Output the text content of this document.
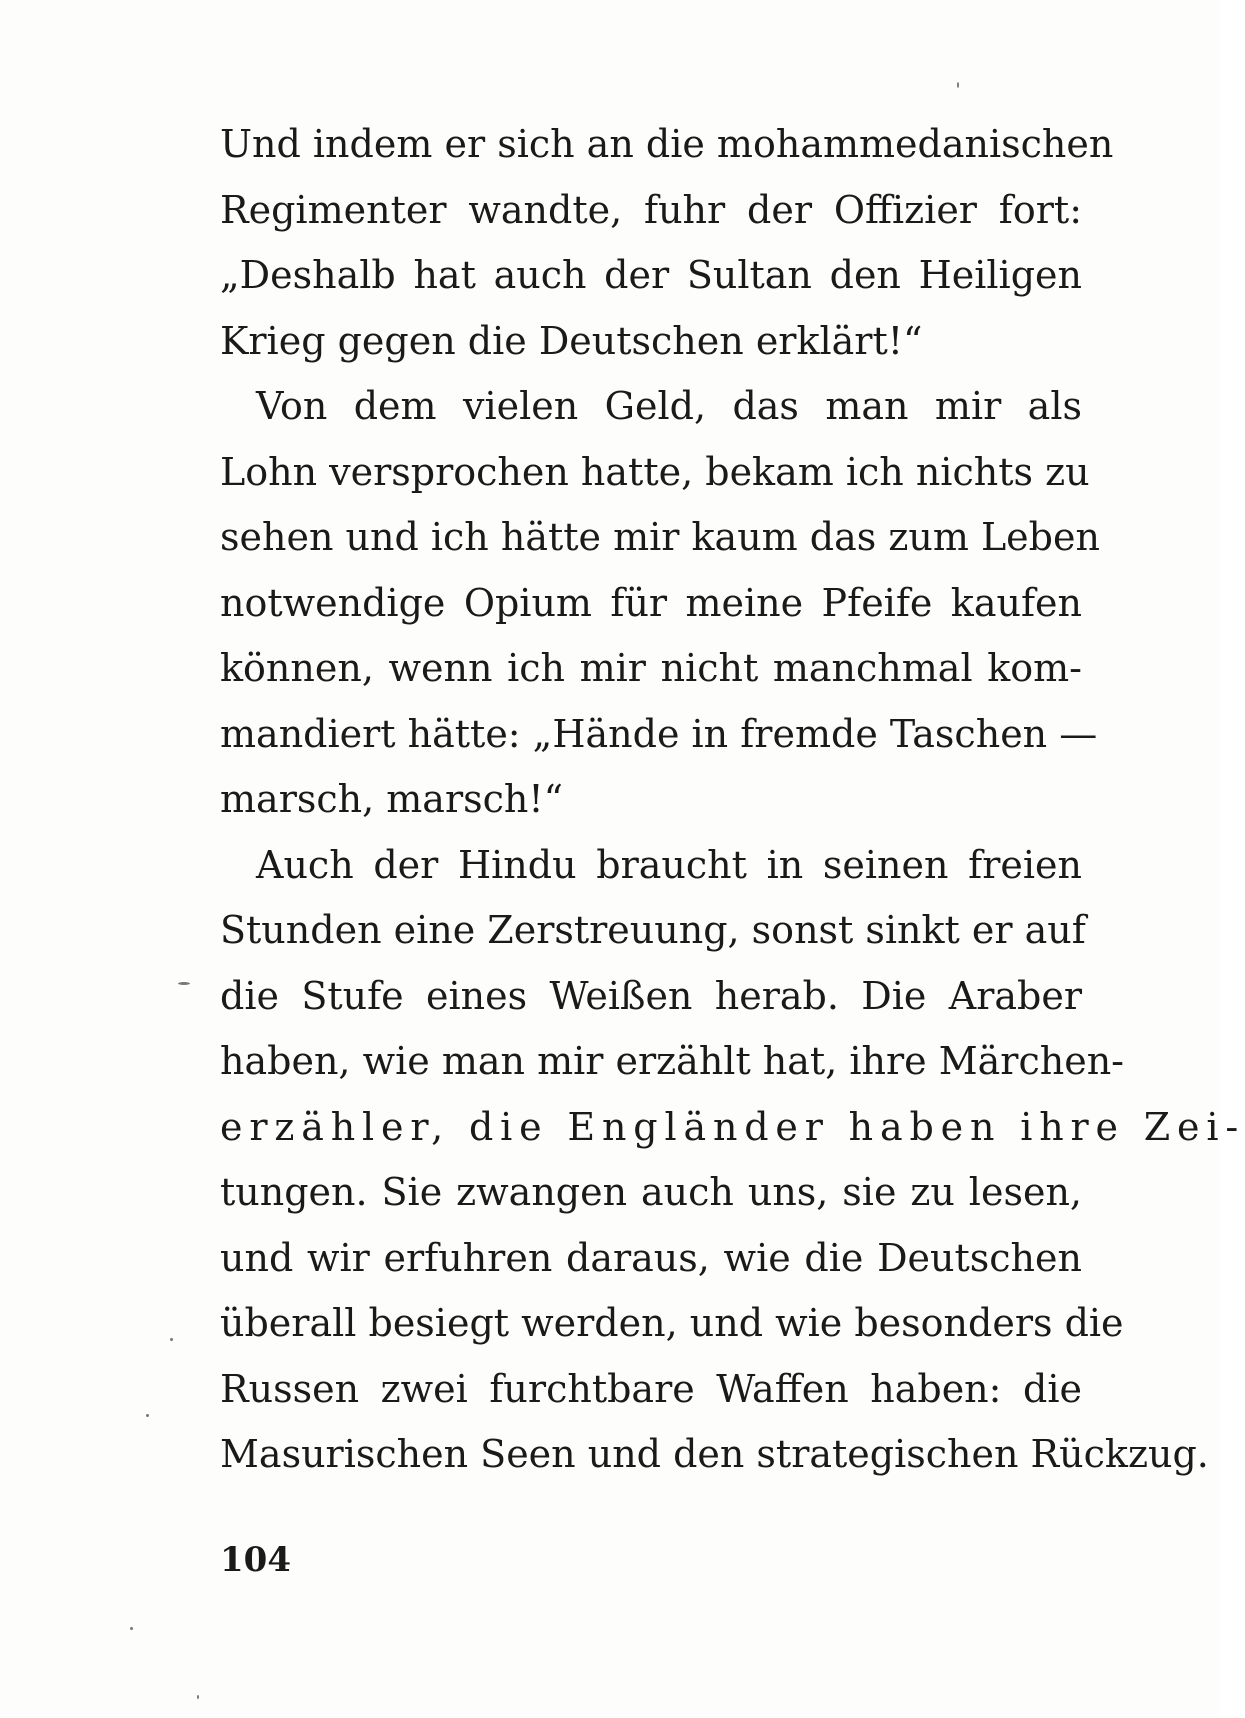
Und indem er sich an die mohammedanischen
Regimenter wandte, fuhr der Offizier fort:
„Deshalb hat auch der Sultan den Heiligen
Krieg gegen die Deutschen erklärt!“
Von dem vielen Geld, das man mir als
Lohn versprochen hatte, bekam ich nichts zu
sehen und ich hätte mir kaum das zum Leben
notwendige Opium für meine Pfeife kaufen
können, wenn ich mir nicht manchmal kom-
mandiert hätte: „Hände in fremde Taschen —
marsch, marsch!“
Auch der Hindu braucht in seinen freien
Stunden eine Zerstreuung, sonst sinkt er auf
die Stufe eines Weißen herab. Die Araber
haben, wie man mir erzählt hat, ihre Märchen-
erzähler, die Engländer haben ihre Zei-
tungen. Sie zwangen auch uns, sie zu lesen,
und wir erfuhren daraus, wie die Deutschen
überall besiegt werden, und wie besonders die
Russen zwei furchtbare Waffen haben: die
Masurischen Seen und den strategischen Rückzug.
104
